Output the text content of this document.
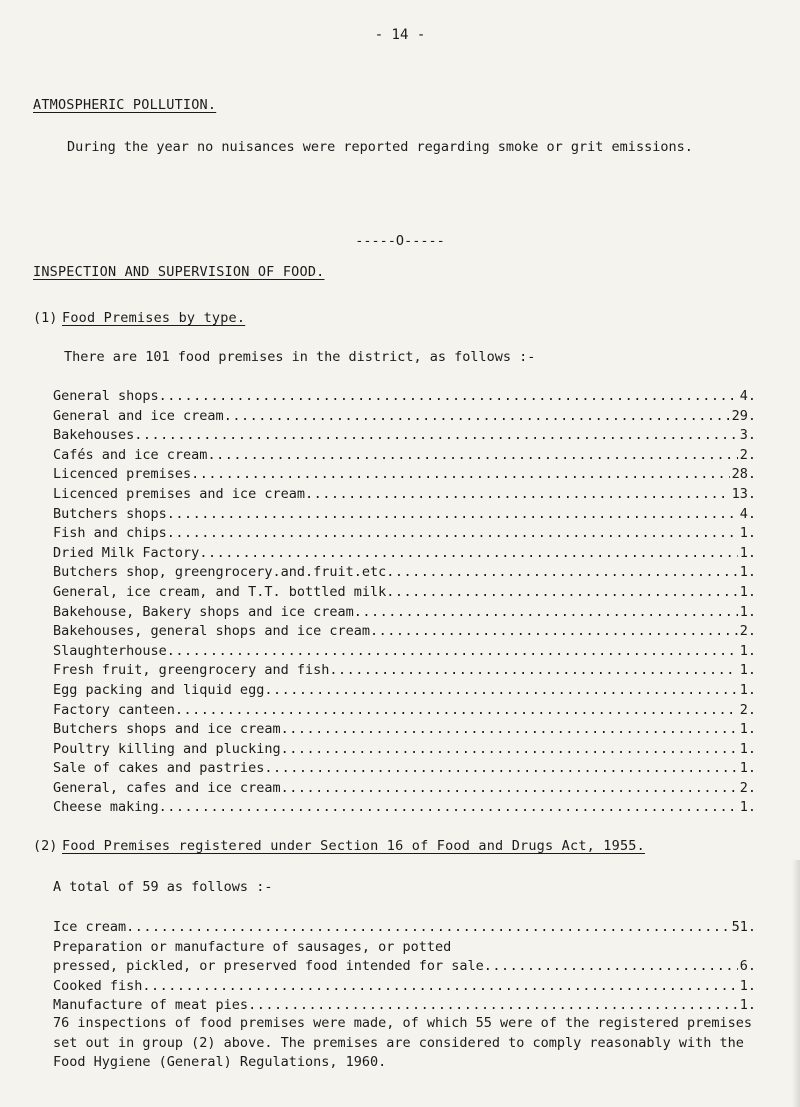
- 14 -
ATMOSPHERIC POLLUTION.
During the year no nuisances were reported regarding smoke or grit emissions.
-----O-----
INSPECTION AND SUPERVISION OF FOOD.
(1) Food Premises by type.
There are 101 food premises in the district, as follows :-
General shops .....	4.
General and ice cream .....	29.
Bakehouses .....	3.
Cafés and ice cream .....	2.
Licenced premises .....	28.
Licenced premises and ice cream .....	13.
Butchers shops .....	4.
Fish and chips .....	1.
Dried Milk Factory .....	1.
Butchers shop, greengrocery.and.fruit.etc .....	1.
General, ice cream, and T.T. bottled milk .....	1.
Bakehouse, Bakery shops and ice cream .....	1.
Bakehouses, general shops and ice cream .....	2.
Slaughterhouse .....	1.
Fresh fruit, greengrocery and fish .....	1.
Egg packing and liquid egg .....	1.
Factory canteen .....	2.
Butchers shops and ice cream .....	1.
Poultry killing and plucking .....	1.
Sale of cakes and pastries .....	1.
General, cafes and ice cream .....	2.
Cheese making .....	1.
(2) Food Premises registered under Section 16 of Food and Drugs Act, 1955.
A total of 59 as follows :-
Ice cream .....	51.
Preparation or manufacture of sausages, or potted
pressed, pickled, or preserved food intended for sale .....	6.
Cooked fish .....	1.
Manufacture of meat pies .....	1.
76 inspections of food premises were made, of which 55 were of the registered premises set out in group (2) above. The premises are considered to comply reasonably with the Food Hygiene (General) Regulations, 1960.
